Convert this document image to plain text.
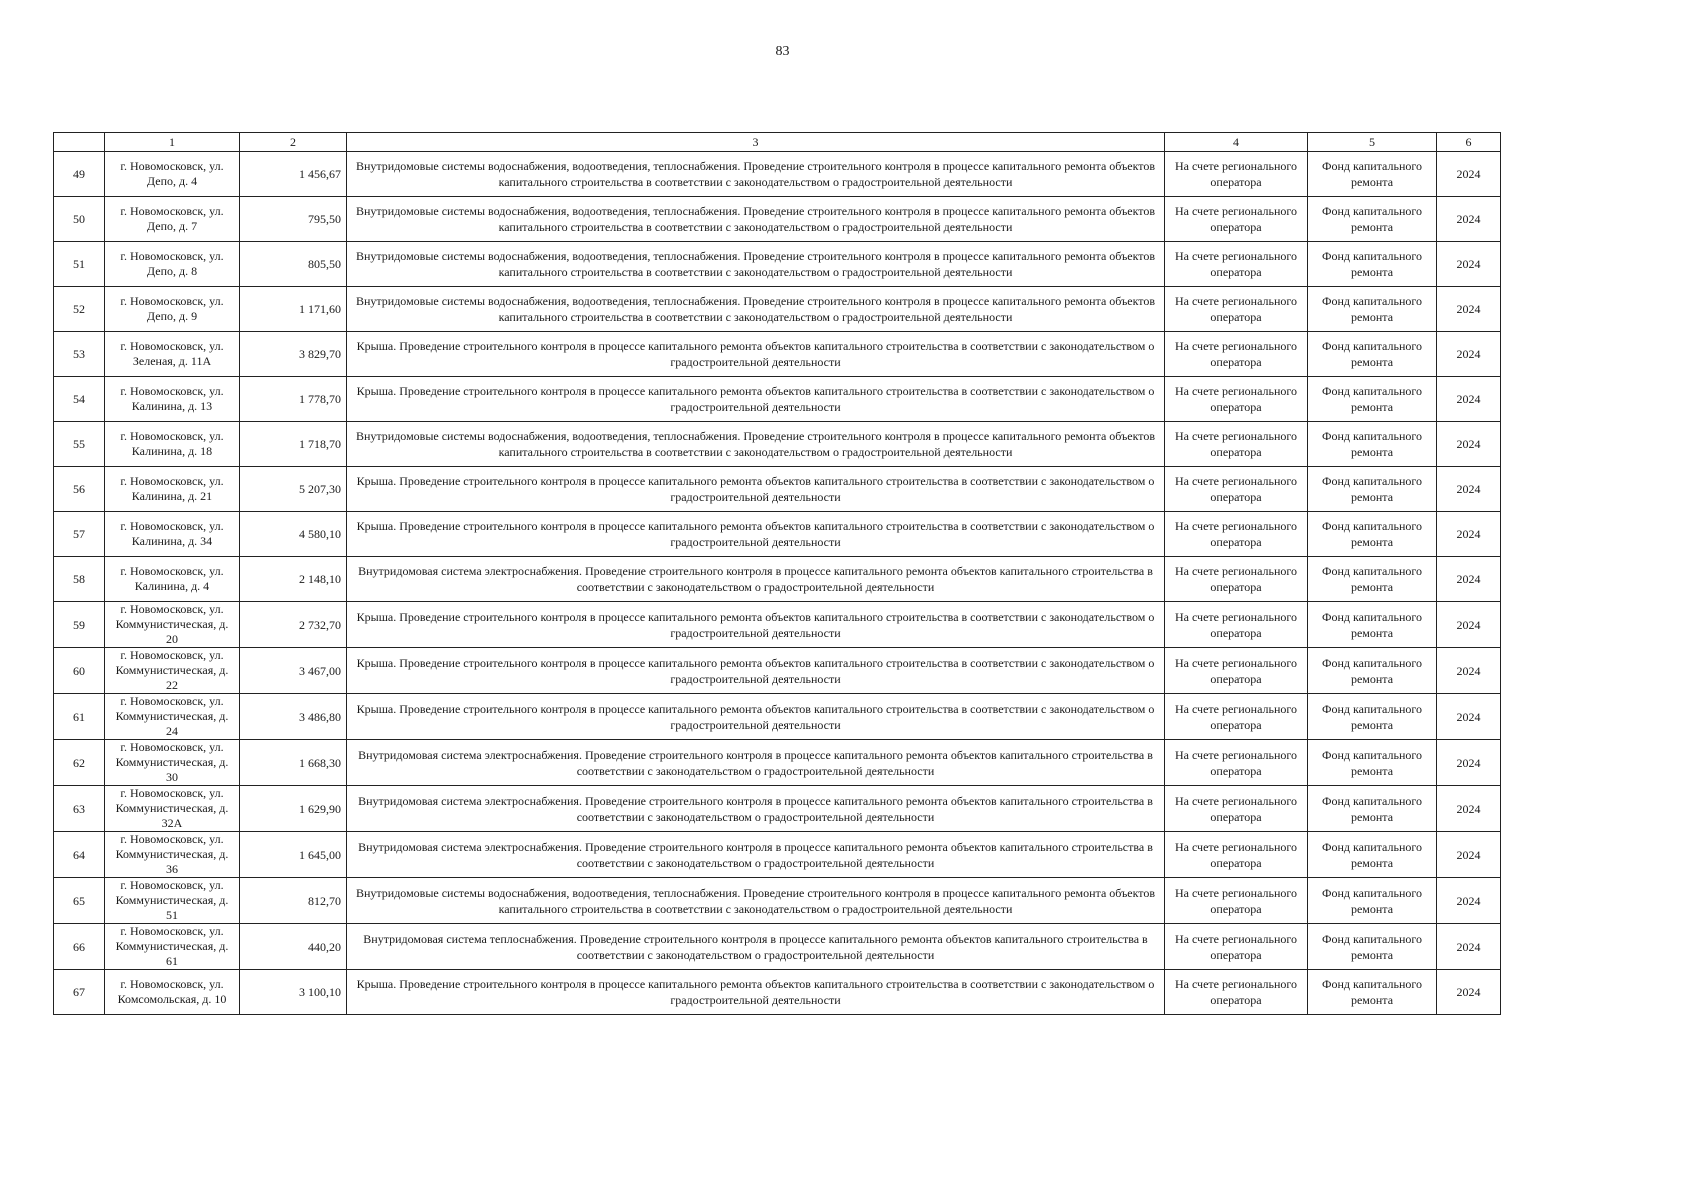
83
	1	2	3	4	5	6
49	г. Новомосковск, ул. Депо, д. 4	1 456,67	Внутридомовые системы водоснабжения, водоотведения, теплоснабжения. Проведение строительного контроля в процессе капитального ремонта объектов капитального строительства в соответствии с законодательством о градостроительной деятельности	На счете регионального оператора	Фонд капитального ремонта	2024
50	г. Новомосковск, ул. Депо, д. 7	795,50	Внутридомовые системы водоснабжения, водоотведения, теплоснабжения. Проведение строительного контроля в процессе капитального ремонта объектов капитального строительства в соответствии с законодательством о градостроительной деятельности	На счете регионального оператора	Фонд капитального ремонта	2024
51	г. Новомосковск, ул. Депо, д. 8	805,50	Внутридомовые системы водоснабжения, водоотведения, теплоснабжения. Проведение строительного контроля в процессе капитального ремонта объектов капитального строительства в соответствии с законодательством о градостроительной деятельности	На счете регионального оператора	Фонд капитального ремонта	2024
52	г. Новомосковск, ул. Депо, д. 9	1 171,60	Внутридомовые системы водоснабжения, водоотведения, теплоснабжения. Проведение строительного контроля в процессе капитального ремонта объектов капитального строительства в соответствии с законодательством о градостроительной деятельности	На счете регионального оператора	Фонд капитального ремонта	2024
53	г. Новомосковск, ул. Зеленая, д. 11А	3 829,70	Крыша. Проведение строительного контроля в процессе капитального ремонта объектов капитального строительства в соответствии с законодательством о градостроительной деятельности	На счете регионального оператора	Фонд капитального ремонта	2024
54	г. Новомосковск, ул. Калинина, д. 13	1 778,70	Крыша. Проведение строительного контроля в процессе капитального ремонта объектов капитального строительства в соответствии с законодательством о градостроительной деятельности	На счете регионального оператора	Фонд капитального ремонта	2024
55	г. Новомосковск, ул. Калинина, д. 18	1 718,70	Внутридомовые системы водоснабжения, водоотведения, теплоснабжения. Проведение строительного контроля в процессе капитального ремонта объектов капитального строительства в соответствии с законодательством о градостроительной деятельности	На счете регионального оператора	Фонд капитального ремонта	2024
56	г. Новомосковск, ул. Калинина, д. 21	5 207,30	Крыша. Проведение строительного контроля в процессе капитального ремонта объектов капитального строительства в соответствии с законодательством о градостроительной деятельности	На счете регионального оператора	Фонд капитального ремонта	2024
57	г. Новомосковск, ул. Калинина, д. 34	4 580,10	Крыша. Проведение строительного контроля в процессе капитального ремонта объектов капитального строительства в соответствии с законодательством о градостроительной деятельности	На счете регионального оператора	Фонд капитального ремонта	2024
58	г. Новомосковск, ул. Калинина, д. 4	2 148,10	Внутридомовая система электроснабжения. Проведение строительного контроля в процессе капитального ремонта объектов капитального строительства в соответствии с законодательством о градостроительной деятельности	На счете регионального оператора	Фонд капитального ремонта	2024
59	г. Новомосковск, ул. Коммунистическая, д. 20	2 732,70	Крыша. Проведение строительного контроля в процессе капитального ремонта объектов капитального строительства в соответствии с законодательством о градостроительной деятельности	На счете регионального оператора	Фонд капитального ремонта	2024
60	г. Новомосковск, ул. Коммунистическая, д. 22	3 467,00	Крыша. Проведение строительного контроля в процессе капитального ремонта объектов капитального строительства в соответствии с законодательством о градостроительной деятельности	На счете регионального оператора	Фонд капитального ремонта	2024
61	г. Новомосковск, ул. Коммунистическая, д. 24	3 486,80	Крыша. Проведение строительного контроля в процессе капитального ремонта объектов капитального строительства в соответствии с законодательством о градостроительной деятельности	На счете регионального оператора	Фонд капитального ремонта	2024
62	г. Новомосковск, ул. Коммунистическая, д. 30	1 668,30	Внутридомовая система электроснабжения. Проведение строительного контроля в процессе капитального ремонта объектов капитального строительства в соответствии с законодательством о градостроительной деятельности	На счете регионального оператора	Фонд капитального ремонта	2024
63	г. Новомосковск, ул. Коммунистическая, д. 32А	1 629,90	Внутридомовая система электроснабжения. Проведение строительного контроля в процессе капитального ремонта объектов капитального строительства в соответствии с законодательством о градостроительной деятельности	На счете регионального оператора	Фонд капитального ремонта	2024
64	г. Новомосковск, ул. Коммунистическая, д. 36	1 645,00	Внутридомовая система электроснабжения. Проведение строительного контроля в процессе капитального ремонта объектов капитального строительства в соответствии с законодательством о градостроительной деятельности	На счете регионального оператора	Фонд капитального ремонта	2024
65	г. Новомосковск, ул. Коммунистическая, д. 51	812,70	Внутридомовые системы водоснабжения, водоотведения, теплоснабжения. Проведение строительного контроля в процессе капитального ремонта объектов капитального строительства в соответствии с законодательством о градостроительной деятельности	На счете регионального оператора	Фонд капитального ремонта	2024
66	г. Новомосковск, ул. Коммунистическая, д. 61	440,20	Внутридомовая система теплоснабжения. Проведение строительного контроля в процессе капитального ремонта объектов капитального строительства в соответствии с законодательством о градостроительной деятельности	На счете регионального оператора	Фонд капитального ремонта	2024
67	г. Новомосковск, ул. Комсомольская, д. 10	3 100,10	Крыша. Проведение строительного контроля в процессе капитального ремонта объектов капитального строительства в соответствии с законодательством о градостроительной деятельности	На счете регионального оператора	Фонд капитального ремонта	2024
